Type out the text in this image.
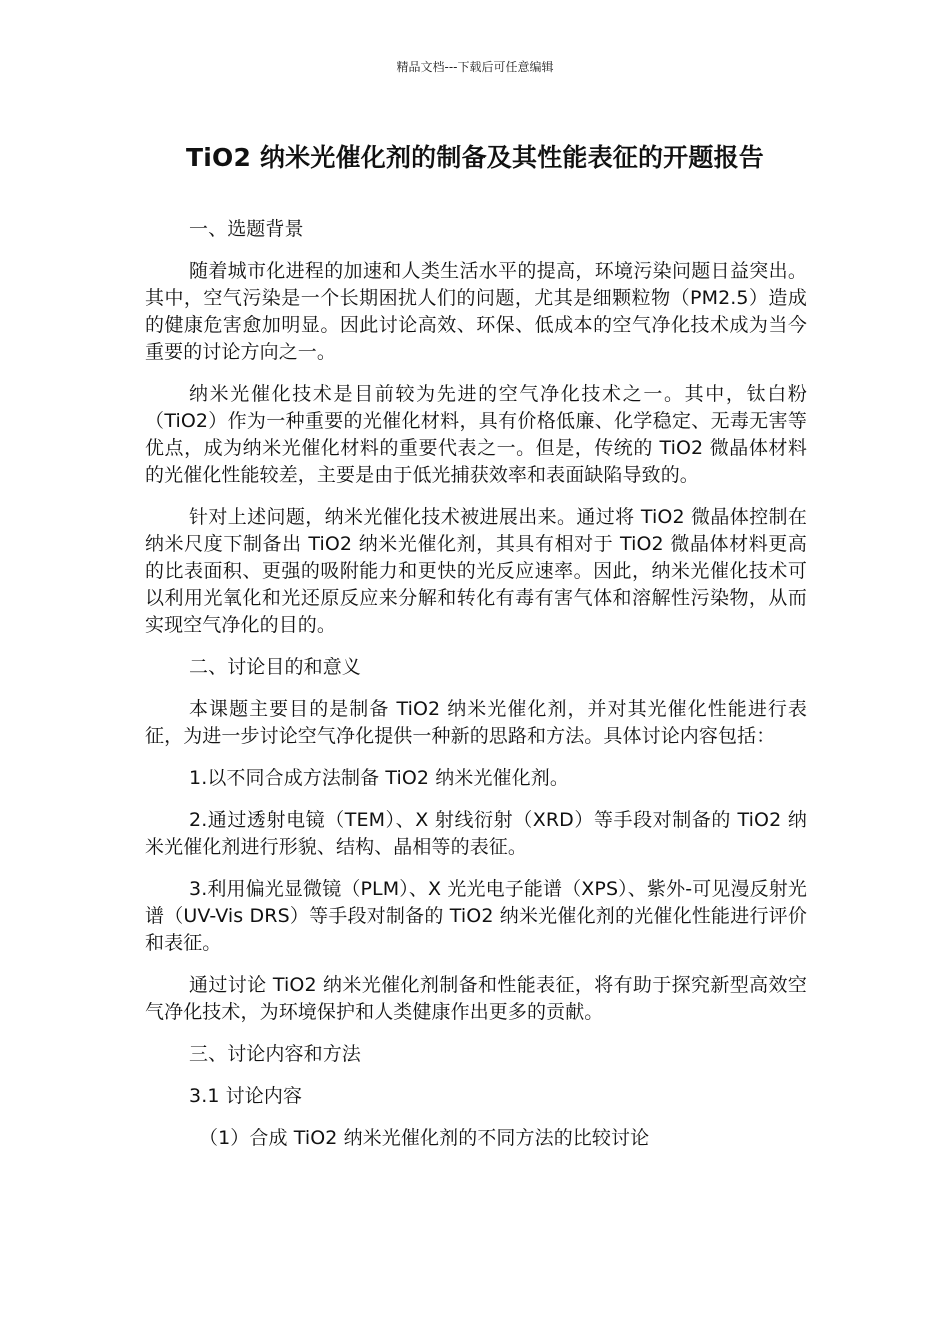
精品文档---下载后可任意编辑
TiO2 纳米光催化剂的制备及其性能表征的开题报告

一、选题背景

随着城市化进程的加速和人类生活水平的提高，环境污染问题日益突出。其中，空气污染是一个长期困扰人们的问题，尤其是细颗粒物（PM2.5）造成的健康危害愈加明显。因此讨论高效、环保、低成本的空气净化技术成为当今重要的讨论方向之一。

纳米光催化技术是目前较为先进的空气净化技术之一。其中，钛白粉（TiO2）作为一种重要的光催化材料，具有价格低廉、化学稳定、无毒无害等优点，成为纳米光催化材料的重要代表之一。但是，传统的 TiO2 微晶体材料的光催化性能较差，主要是由于低光捕获效率和表面缺陷导致的。

针对上述问题，纳米光催化技术被进展出来。通过将 TiO2 微晶体控制在纳米尺度下制备出 TiO2 纳米光催化剂，其具有相对于 TiO2 微晶体材料更高的比表面积、更强的吸附能力和更快的光反应速率。因此，纳米光催化技术可以利用光氧化和光还原反应来分解和转化有毒有害气体和溶解性污染物，从而实现空气净化的目的。

二、讨论目的和意义

本课题主要目的是制备 TiO2 纳米光催化剂，并对其光催化性能进行表征，为进一步讨论空气净化提供一种新的思路和方法。具体讨论内容包括：

1.以不同合成方法制备 TiO2 纳米光催化剂。

2.通过透射电镜（TEM）、X 射线衍射（XRD）等手段对制备的 TiO2 纳米光催化剂进行形貌、结构、晶相等的表征。

3.利用偏光显微镜（PLM）、X 光光电子能谱（XPS）、紫外-可见漫反射光谱（UV-Vis DRS）等手段对制备的 TiO2 纳米光催化剂的光催化性能进行评价和表征。

通过讨论 TiO2 纳米光催化剂制备和性能表征，将有助于探究新型高效空气净化技术，为环境保护和人类健康作出更多的贡献。

三、讨论内容和方法

3.1 讨论内容

（1）合成 TiO2 纳米光催化剂的不同方法的比较讨论
